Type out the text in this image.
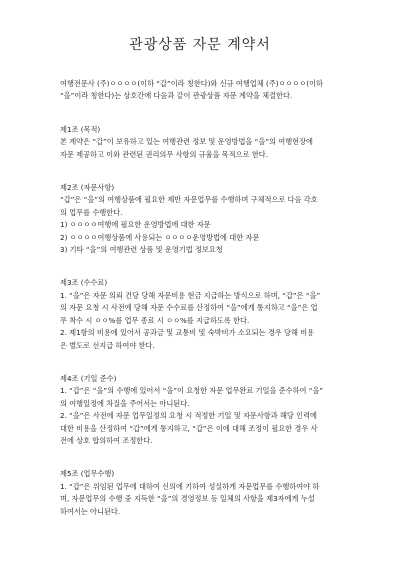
관광상품 자문 계약서

여행전문사 (주)ㅇㅇㅇㅇ(이하 “갑”이라 칭한다)와 신규 여행업체 (주)ㅇㅇㅇㅇ(이하

“을”이라 칭한다)는 상호간에 다음과 같이 관광상품 자문 계약을 체결한다.

제1조 (목적)

본 계약은 “갑”이 보유하고 있는 여행관련 정보 및 운영방법을 “을”의 여행현장에

자문 제공하고 이와 관련된 권리의무 사항의 규율을 목적으로 한다.

제2조 (자문사항)

“갑”은 “을”의 여행상품에 필요한 제반 자문업무를 수행하며 구체적으로 다음 각호

의 업무를 수행한다.

1) ㅇㅇㅇㅇ여행에 필요한 운영방법에 대한 자문

2) ㅇㅇㅇㅇ여행상품에 사용되는 ㅇㅇㅇㅇ운영방법에 대한 자문

3) 기타 “을”의 여행관련 상품 및 운영기법 정보요청

제3조 (수수료)

1. “을”은 자문 의뢰 건당 당해 자문비용 현금 지급하는 방식으로 하며, “갑”은 “을”

의 자문 요청 시 사전에 당해 자문 수수료를 산정하여 “을”에게 통지하고 “을”은 업

무 착수 시 ㅇㅇ%를 업무 종료 시 ㅇㅇ%를 지급하도록 한다.

2. 제1항의 비용에 있어서 공과금 및 교통비 및 숙박비가 소요되는 경우 당해 비용

은 별도로 선지급 하여야 한다.

제4조 (기일 준수)

1. “갑”은 “을”의 수행에 있어서 “을”이 요청한 자문 업무완료 기일을 준수하여 “을”

의 여행일정에 차질을 주어서는 아니된다.

2. “을”은 사전에 자문 업무일정의 요청 시 적정한 기일 및 자문사항과 해당 인력에

대한 비용을 산정하여 “갑”에게 통지하고, “갑”은 이에 대해 조정이 필요한 경우 사

전에 상호 합의하여 조정한다.

제5조 (업무수행)

1. “갑”은 위임된 업무에 대하여 신의에 기하여 성실하게 자문업무를 수행하여야 하

며, 자문업무의 수행 중 지득한 “을”의 경영정보 등 일체의 사항을 제3자에게 누설

하여서는 아니된다.
